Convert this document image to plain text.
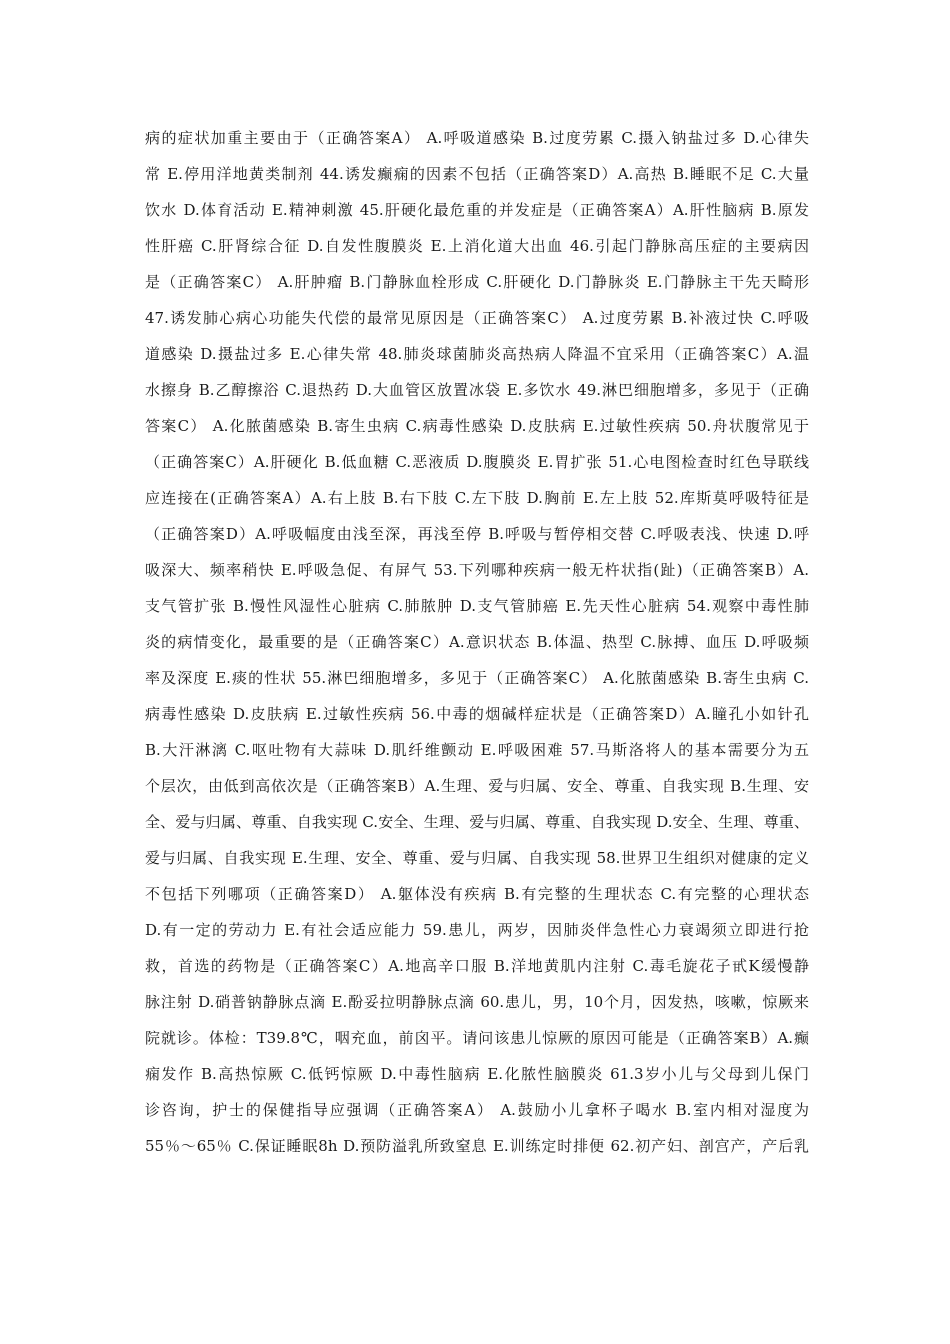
病的症状加重主要由于（正确答案A） A.呼吸道感染 B.过度劳累 C.摄入钠盐过多 D.心律失
常 E.停用洋地黄类制剂 44.诱发癫痫的因素不包括（正确答案D）A.高热 B.睡眠不足 C.大量
饮水 D.体育活动 E.精神刺激 45.肝硬化最危重的并发症是（正确答案A）A.肝性脑病 B.原发
性肝癌 C.肝肾综合征 D.自发性腹膜炎 E.上消化道大出血 46.引起门静脉高压症的主要病因
是（正确答案C） A.肝肿瘤 B.门静脉血栓形成 C.肝硬化 D.门静脉炎 E.门静脉主干先天畸形
47.诱发肺心病心功能失代偿的最常见原因是（正确答案C） A.过度劳累 B.补液过快 C.呼吸
道感染 D.摄盐过多 E.心律失常 48.肺炎球菌肺炎高热病人降温不宜采用（正确答案C）A.温
水擦身 B.乙醇擦浴 C.退热药 D.大血管区放置冰袋 E.多饮水 49.淋巴细胞增多，多见于（正确
答案C） A.化脓菌感染 B.寄生虫病 C.病毒性感染 D.皮肤病 E.过敏性疾病 50.舟状腹常见于
（正确答案C）A.肝硬化 B.低血糖 C.恶液质 D.腹膜炎 E.胃扩张 51.心电图检查时红色导联线
应连接在(正确答案A）A.右上肢 B.右下肢 C.左下肢 D.胸前 E.左上肢 52.库斯莫呼吸特征是
（正确答案D）A.呼吸幅度由浅至深，再浅至停 B.呼吸与暂停相交替 C.呼吸表浅、快速 D.呼
吸深大、频率稍快 E.呼吸急促、有屏气 53.下列哪种疾病一般无杵状指(趾)（正确答案B）A.
支气管扩张 B.慢性风湿性心脏病 C.肺脓肿 D.支气管肺癌 E.先天性心脏病 54.观察中毒性肺
炎的病情变化，最重要的是（正确答案C）A.意识状态 B.体温、热型 C.脉搏、血压 D.呼吸频
率及深度 E.痰的性状 55.淋巴细胞增多，多见于（正确答案C） A.化脓菌感染 B.寄生虫病 C.
病毒性感染 D.皮肤病 E.过敏性疾病 56.中毒的烟碱样症状是（正确答案D）A.瞳孔小如针孔
B.大汗淋漓 C.呕吐物有大蒜味 D.肌纤维颤动 E.呼吸困难 57.马斯洛将人的基本需要分为五
个层次，由低到高依次是（正确答案B）A.生理、爱与归属、安全、尊重、自我实现 B.生理、安
全、爱与归属、尊重、自我实现 C.安全、生理、爱与归属、尊重、自我实现 D.安全、生理、尊重、
爱与归属、自我实现 E.生理、安全、尊重、爱与归属、自我实现 58.世界卫生组织对健康的定义
不包括下列哪项（正确答案D） A.躯体没有疾病 B.有完整的生理状态 C.有完整的心理状态
D.有一定的劳动力 E.有社会适应能力 59.患儿，两岁，因肺炎伴急性心力衰竭须立即进行抢
救，首选的药物是（正确答案C）A.地高辛口服 B.洋地黄肌内注射 C.毒毛旋花子甙K缓慢静
脉注射 D.硝普钠静脉点滴 E.酚妥拉明静脉点滴 60.患儿，男，10个月，因发热，咳嗽，惊厥来
院就诊。体检：T39.8℃，咽充血，前囟平。请问该患儿惊厥的原因可能是（正确答案B）A.癫
痫发作 B.高热惊厥 C.低钙惊厥 D.中毒性脑病 E.化脓性脑膜炎 61.3岁小儿与父母到儿保门
诊咨询，护士的保健指导应强调（正确答案A） A.鼓励小儿拿杯子喝水 B.室内相对湿度为
55％～65％ C.保证睡眠8h D.预防溢乳所致窒息 E.训练定时排便 62.初产妇、剖宫产，产后乳
